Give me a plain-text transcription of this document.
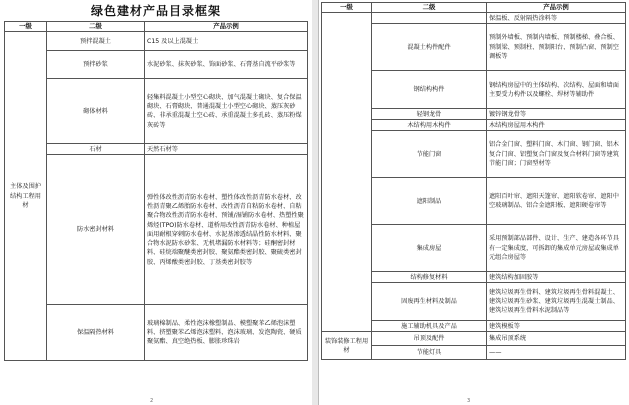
绿色建材产品目录框架
一级	二级	产品示例
主体及围护结构工程用材	预拌混凝土	C15 及以上混凝土
	预拌砂浆	水泥砂浆、抹灰砂浆、饰面砂浆、石膏基自流平砂浆等
	砌体材料	轻集料混凝土小型空心砌块、加气混凝土砌块、复合保温砌块、石膏砌块、普通混凝土小型空心砌块、蒸压灰砂砖、非承重混凝土空心砖、承重混凝土多孔砖、蒸压粉煤灰砖等
	石材	天然石材等
	防水密封材料	弹性体改性沥青防水卷材、塑性体改性沥青防水卷材、改性沥青聚乙烯胎防水卷材、改性沥青自粘防水卷材、自粘聚合物改性沥青防水卷材、预铺/湿铺防水卷材、热塑性聚烯烃(TPO)防水卷材、道桥用改性沥青防水卷材、种植屋面用耐根穿刺防水卷材、水泥基渗透结晶性防水材料、聚合物水泥防水砂浆、无机堵漏防水材料等；硅酮密封材料、硅烷端聚醚类密封胶、聚氨酯类密封胶、聚硫类密封胶、丙烯酸类密封胶、丁基类密封胶等
	保温隔热材料	玻璃棉制品、柔性泡沫橡塑制品、模塑聚苯乙烯泡沫塑料、挤塑聚苯乙烯泡沫塑料、泡沫玻璃、发泡陶瓷、硬质聚氨酯、真空绝热板、膨胀珍珠岩
2
一级	二级	产品示例
		保温板、反射隔热涂料等
	混凝土构件配件	预制外墙板、预制内墙板、预制楼梯、叠合板、预制梁、预制柱、预制阳台、预制凸窗、预制空调板等
	钢结构构件	钢结构房屋中的主体结构、次结构、屋面和墙面主要受力构件以及螺栓、焊材等辅助件
	轻钢龙骨	镀锌钢龙骨等
	木结构用木构件	木结构房屋用木构件
	节能门窗	铝合金门窗、塑料门窗、木门窗、钢门窗、铝木复合门窗、铝塑复合门窗及复合材料门窗等建筑节能门窗；门窗型材等
	遮阳制品	遮阳百叶帘、遮阳天篷帘、遮阳软卷帘、遮阳中空玻璃制品、铝合金遮阳板、遮阳硬卷帘等
	集成房屋	采用预制部品部件、设计、生产、建造各环节具有一定集成度，可拆卸的集成单元房屋或集成单元组合房屋等
	结构修复材料	建筑结构加固胶等
	固废再生材料及制品	建筑垃圾再生骨料、建筑垃圾再生骨料混凝土、建筑垃圾再生砂浆、建筑垃圾再生混凝土制品、建筑垃圾再生骨料水泥制品等
	施工辅助机具及产品	建筑模板等
装饰装修工程用材	吊顶及配件	集成吊顶系统
	节能灯具	——
3
